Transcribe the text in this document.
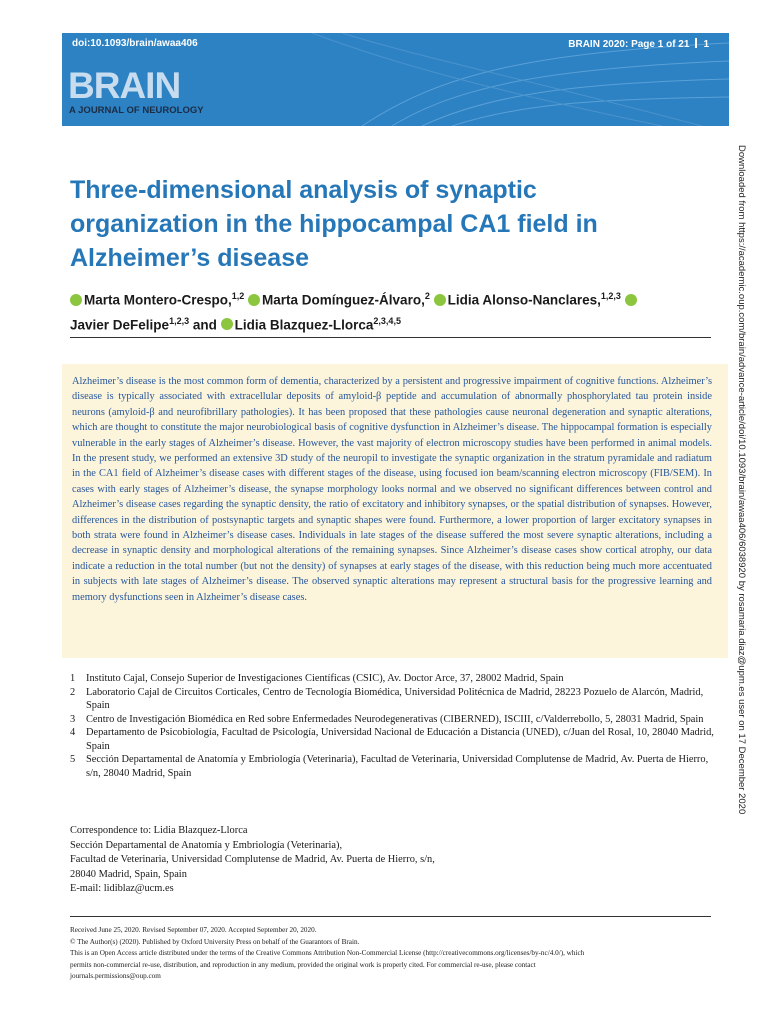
doi:10.1093/brain/awaa406	BRAIN 2020: Page 1 of 21 1
BRAIN
A JOURNAL OF NEUROLOGY
Three-dimensional analysis of synaptic organization in the hippocampal CA1 field in Alzheimer’s disease
Marta Montero-Crespo,$^{1,2}$ Marta Domínguez-Álvaro,$^2$ Lidia Alonso-Nanclares,$^{1,2,3}$
Javier DeFelipe$^{1,2,3}$ and Lidia Blazquez-Llorca$^{2,3,4,5}$

Alzheimer’s disease is the most common form of dementia, characterized by a persistent and progressive impairment of cognitive functions. Alzheimer’s disease is typically associated with extracellular deposits of amyloid-β peptide and accumulation of abnormally phosphorylated tau protein inside neurons (amyloid-β and neurofibrillary pathologies). It has been proposed that these pathologies cause neuronal degeneration and synaptic alterations, which are thought to constitute the major neurobiological basis of cognitive dysfunction in Alzheimer’s disease. The hippocampal formation is especially vulnerable in the early stages of Alzheimer’s disease. However, the vast majority of electron microscopy studies have been performed in animal models. In the present study, we performed an extensive 3D study of the neuropil to investigate the synaptic organization in the stratum pyramidale and radiatum in the CA1 field of Alzheimer’s disease cases with different stages of the disease, using focused ion beam/scanning electron microscopy (FIB/SEM). In cases with early stages of Alzheimer’s disease, the synapse morphology looks normal and we observed no significant differences between control and Alzheimer’s disease cases regarding the synaptic density, the ratio of excitatory and inhibitory synapses, or the spatial distribution of synapses. However, differences in the distribution of postsynaptic targets and synaptic shapes were found. Furthermore, a lower proportion of larger excitatory synapses in both strata were found in Alzheimer’s disease cases. Individuals in late stages of the disease suffered the most severe synaptic alterations, including a decrease in synaptic density and morphological alterations of the remaining synapses. Since Alzheimer’s disease cases show cortical atrophy, our data indicate a reduction in the total number (but not the density) of synapses at early stages of the disease, with this reduction being much more accentuated in subjects with late stages of Alzheimer’s disease. The observed synaptic alterations may represent a structural basis for the progressive learning and memory dysfunctions seen in Alzheimer’s disease cases.

1	Instituto Cajal, Consejo Superior de Investigaciones Científicas (CSIC), Av. Doctor Arce, 37, 28002 Madrid, Spain
2	Laboratorio Cajal de Circuitos Corticales, Centro de Tecnología Biomédica, Universidad Politécnica de Madrid, 28223 Pozuelo de Alarcón, Madrid, Spain
3	Centro de Investigación Biomédica en Red sobre Enfermedades Neurodegenerativas (CIBERNED), ISCIII, c/Valderrebollo, 5, 28031 Madrid, Spain
4	Departamento de Psicobiología, Facultad de Psicología, Universidad Nacional de Educación a Distancia (UNED), c/Juan del Rosal, 10, 28040 Madrid, Spain
5	Sección Departamental de Anatomía y Embriología (Veterinaria), Facultad de Veterinaria, Universidad Complutense de Madrid, Av. Puerta de Hierro, s/n, 28040 Madrid, Spain
Correspondence to: Lidia Blazquez-Llorca
Sección Departamental de Anatomía y Embriología (Veterinaria),
Facultad de Veterinaria, Universidad Complutense de Madrid, Av. Puerta de Hierro, s/n,
28040 Madrid, Spain, Spain
E-mail: lidiblaz@ucm.es
Received June 25, 2020. Revised September 07, 2020. Accepted September 20, 2020.
© The Author(s) (2020). Published by Oxford University Press on behalf of the Guarantors of Brain.
This is an Open Access article distributed under the terms of the Creative Commons Attribution Non-Commercial License (http://creativecommons.org/licenses/by-nc/4.0/), which
permits non-commercial re-use, distribution, and reproduction in any medium, provided the original work is properly cited. For commercial re-use, please contact
journals.permissions@oup.com
Downloaded from https://academic.oup.com/brain/advance-article/doi/10.1093/brain/awaa406/6038920 by rosamaria.diaz@upm.es user on 17 December 2020
